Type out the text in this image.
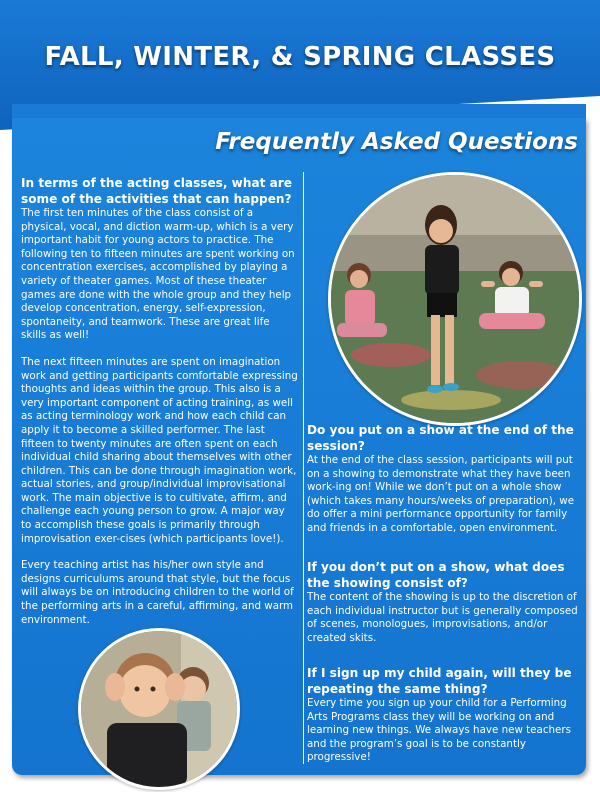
FALL, WINTER, & SPRING CLASSES
Frequently Asked Questions

In terms of the acting classes, what are some of the activities that can happen?

The first ten minutes of the class consist of a physical, vocal, and diction warm-up, which is a very important habit for young actors to practice. The following ten to fifteen minutes are spent working on concentration exercises, accomplished by playing a variety of theater games. Most of these theater games are done with the whole group and they help develop concentration, energy, self-expression, spontaneity, and teamwork. These are great life skills as well!

The next fifteen minutes are spent on imagination work and getting participants comfortable expressing thoughts and ideas within the group. This also is a very important component of acting training, as well as acting terminology work and how each child can apply it to become a skilled performer. The last fifteen to twenty minutes are often spent on each individual child sharing about themselves with other children. This can be done through imagination work, actual stories, and group/individual improvisational work. The main objective is to cultivate, affirm, and challenge each young person to grow. A major way to accomplish these goals is primarily through improvisation exer-cises (which participants love!).

Every teaching artist has his/her own style and designs curriculums around that style, but the focus will always be on introducing children to the world of the performing arts in a careful, affirming, and warm environment.

Do you put on a show at the end of the session?

At the end of the class session, participants will put on a showing to demonstrate what they have been work-ing on! While we don’t put on a whole show (which takes many hours/weeks of preparation), we do offer a mini performance opportunity for family and friends in a comfortable, open environment.

If you don’t put on a show, what does the showing consist of?

The content of the showing is up to the discretion of each individual instructor but is generally composed of scenes, monologues, improvisations, and/or created skits.

If I sign up my child again, will they be repeating the same thing?

Every time you sign up your child for a Performing Arts Programs class they will be working on and learning new things. We always have new teachers and the program’s goal is to be constantly progressive!
